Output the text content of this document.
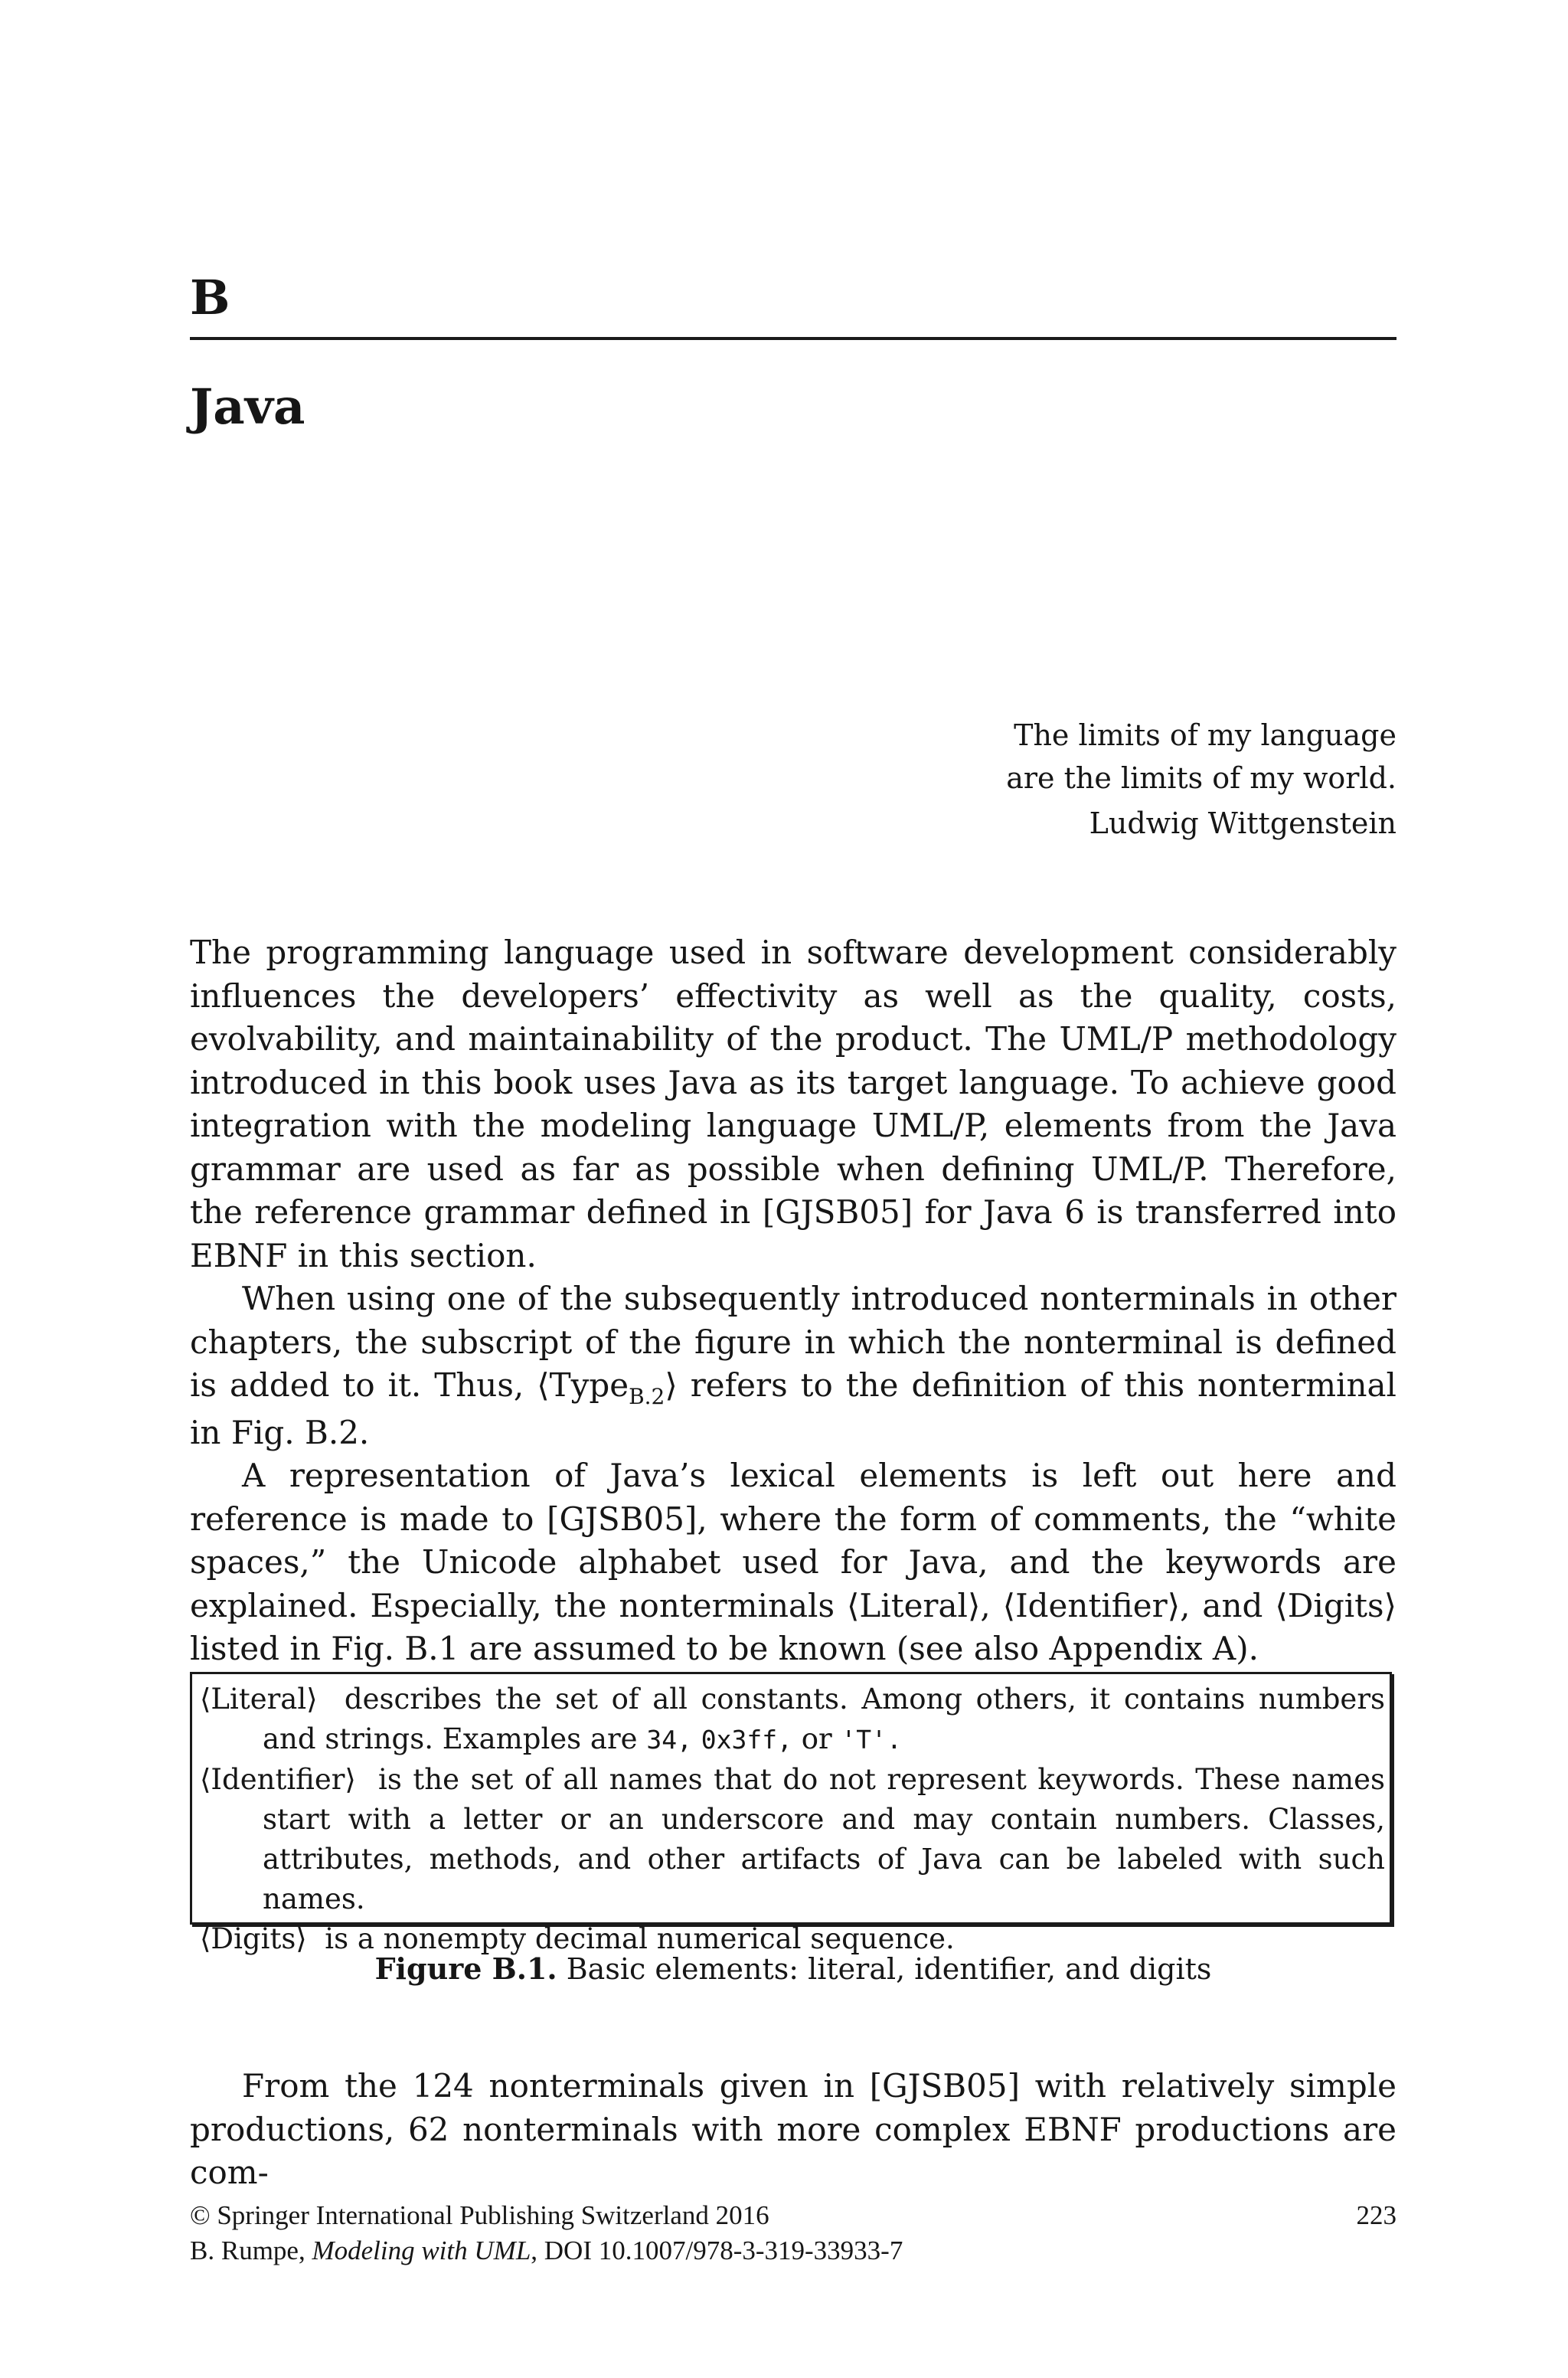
B
Java
The limits of my language
are the limits of my world.
Ludwig Wittgenstein

The programming language used in software development considerably influences the developers’ effectivity as well as the quality, costs, evolvability, and maintainability of the product. The UML/P methodology introduced in this book uses Java as its target language. To achieve good integration with the modeling language UML/P, elements from the Java grammar are used as far as possible when defining UML/P. Therefore, the reference grammar defined in [GJSB05] for Java 6 is transferred into EBNF in this section.

When using one of the subsequently introduced nonterminals in other chapters, the subscript of the figure in which the nonterminal is defined is added to it. Thus, ⟨Type$_{B.2}$⟩ refers to the definition of this nonterminal in Fig. B.2.

A representation of Java’s lexical elements is left out here and reference is made to [GJSB05], where the form of comments, the “white spaces,” the Unicode alphabet used for Java, and the keywords are explained. Especially, the nonterminals ⟨Literal⟩, ⟨Identifier⟩, and ⟨Digits⟩ listed in Fig. B.1 are assumed to be known (see also Appendix A).

⟨Literal⟩ describes the set of all constants. Among others, it contains numbers and strings. Examples are 34, 0x3ff, or 'T'.

⟨Identifier⟩ is the set of all names that do not represent keywords. These names start with a letter or an underscore and may contain numbers. Classes, attributes, methods, and other artifacts of Java can be labeled with such names.

⟨Digits⟩ is a nonempty decimal numerical sequence.

Figure B.1. Basic elements: literal, identifier, and digits

From the 124 nonterminals given in [GJSB05] with relatively simple productions, 62 nonterminals with more complex EBNF productions are com-

© Springer International Publishing Switzerland 2016	223
B. Rumpe, Modeling with UML, DOI 10.1007/978-3-319-33933-7
